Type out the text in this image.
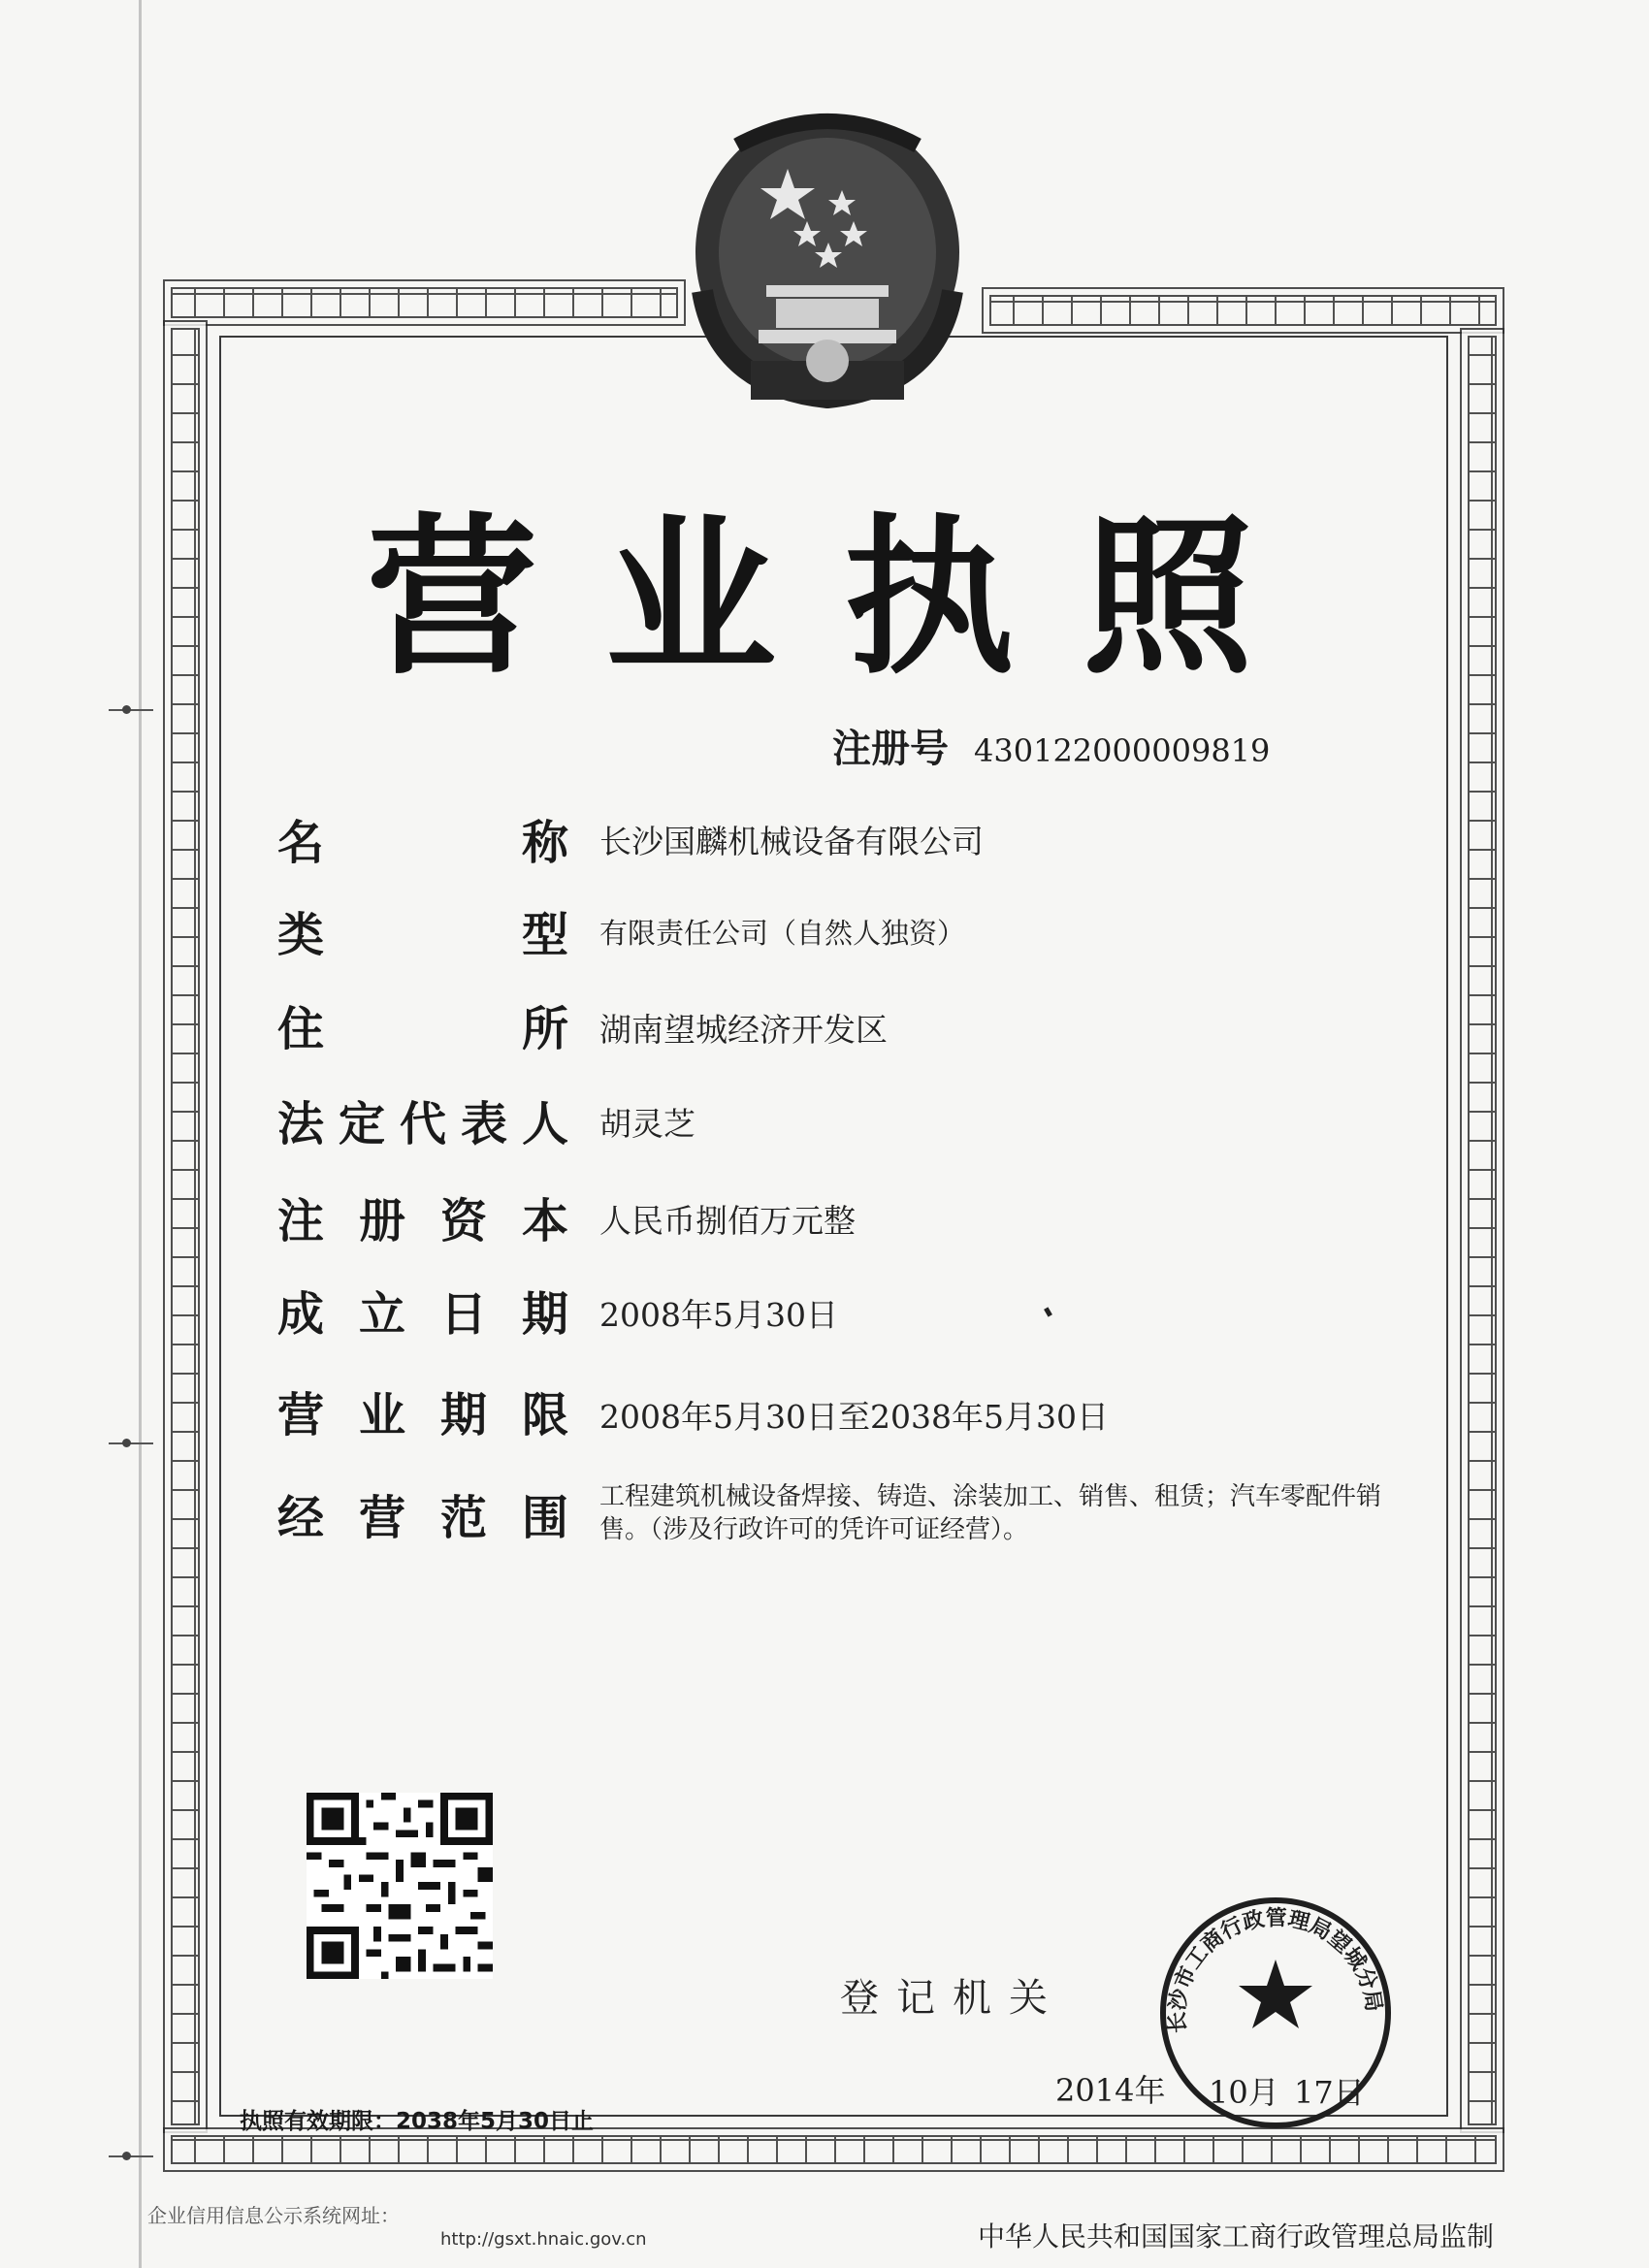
营业执照
注册号 430122000009819
名称 长沙国麟机械设备有限公司
类型 有限责任公司（自然人独资）
住所 湖南望城经济开发区
法定代表人 胡灵芝
注册资本 人民币捌佰万元整
成立日期 2008年5月30日
营业期限 2008年5月30日至2038年5月30日
经营范围 工程建筑机械设备焊接、铸造、涂装加工、销售、租赁；汽车零配件销售。（涉及行政许可的凭许可证经营）。
登记机关
长沙市工商行政管理局望城分局
2014年 10月 17日
执照有效期限：2038年5月30日止
企业信用信息公示系统网址：
http://gsxt.hnaic.gov.cn	中华人民共和国国家工商行政管理总局监制
